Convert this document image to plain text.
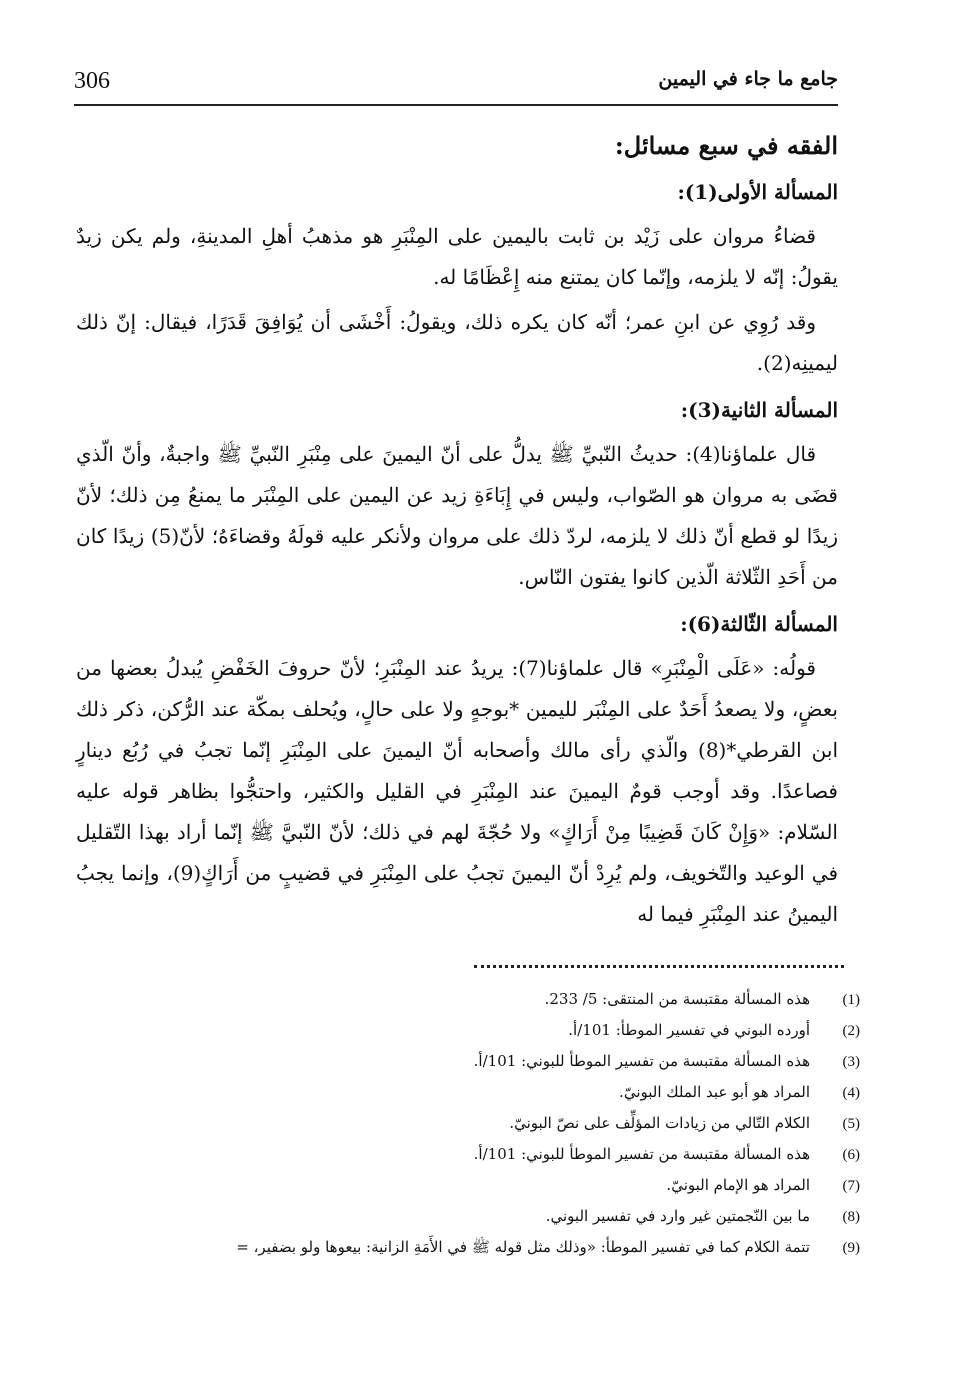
306	جامع ما جاء في اليمين

الفقه في سبع مسائل:

المسألة الأولى(1):

قضاءُ مروان على زَيْد بن ثابت باليمين على المِنْبَرِ هو مذهبُ أهلِ المدينةِ، ولم يكن زيدٌ يقولُ: إنّه لا يلزمه، وإنّما كان يمتنع منه إِعْظَامًا له.

وقد رُوِي عن ابنِ عمر؛ أنّه كان يكره ذلك، ويقولُ: أَخْشَى أن يُوَافِقَ قَدَرًا، فيقال: إنّ ذلك ليمينِه(2).

المسألة الثانية(3):

قال علماؤنا(4): حديثُ النّبيِّ ﷺ يدلُّ على أنّ اليمينَ على مِنْبَرِ النّبيِّ ﷺ واجبةٌ، وأنّ الّذي قضَى به مروان هو الصّواب، وليس في إِبَاءَةِ زيد عن اليمين على المِنْبَر ما يمنعُ مِن ذلك؛ لأنّ زيدًا لو قطع أنّ ذلك لا يلزمه، لردّ ذلك على مروان ولأنكر عليه قولَهُ وقضاءَهُ؛ لأنّ(5) زيدًا كان من أَحَدِ الثّلاثة الّذين كانوا يفتون النّاس.

المسألة الثّالثة(6):

قولُه: «عَلَى الْمِنْبَرِ» قال علماؤنا(7): يريدُ عند المِنْبَرِ؛ لأنّ حروفَ الخَفْضِ يُبدلُ بعضها من بعضٍ، ولا يصعدُ أَحَدٌ على المِنْبَر لليمين *بوجهٍ ولا على حالٍ، ويُحلف بمكّة عند الرُّكن، ذكر ذلك ابن القرطي*(8) والّذي رأى مالك وأصحابه أنّ اليمينَ على المِنْبَرِ إنّما تجبُ في رُبُع دينارٍ فصاعدًا. وقد أوجب قومٌ اليمينَ عند المِنْبَرِ في القليل والكثير، واحتجُّوا بظاهر قوله عليه السّلام: «وَإِنْ كَانَ قَضِيبًا مِنْ أَرَاكٍ» ولا حُجّةَ لهم في ذلك؛ لأنّ النّبيَّ ﷺ إنّما أراد بهذا التّقليل في الوعيد والتّخويف، ولم يُرِدْ أنّ اليمينَ تجبُ على المِنْبَرِ في قضيبٍ من أَرَاكٍ(9)، وإنما يجبُ اليمينُ عند المِنْبَرِ فيما له

(1)
هذه المسألة مقتبسة من المنتقى: 5/ 233.
(2)
أورده البوني في تفسير الموطأ: 101/أ.
(3)
هذه المسألة مقتبسة من تفسير الموطأ للبوني: 101/أ.
(4)
المراد هو أبو عبد الملك البونيّ.
(5)
الكلام التّالي من زيادات المؤلِّف على نصّ البونيّ.
(6)
هذه المسألة مقتبسة من تفسير الموطأ للبوني: 101/أ.
(7)
المراد هو الإمام البونيّ.
(8)
ما بين النّجمتين غير وارد في تفسير البوني.
(9)
تتمة الكلام كما في تفسير الموطأ: «وذلك مثل قوله ﷺ في الأَمَةِ الزانية: بيعوها ولو بضفير، =
